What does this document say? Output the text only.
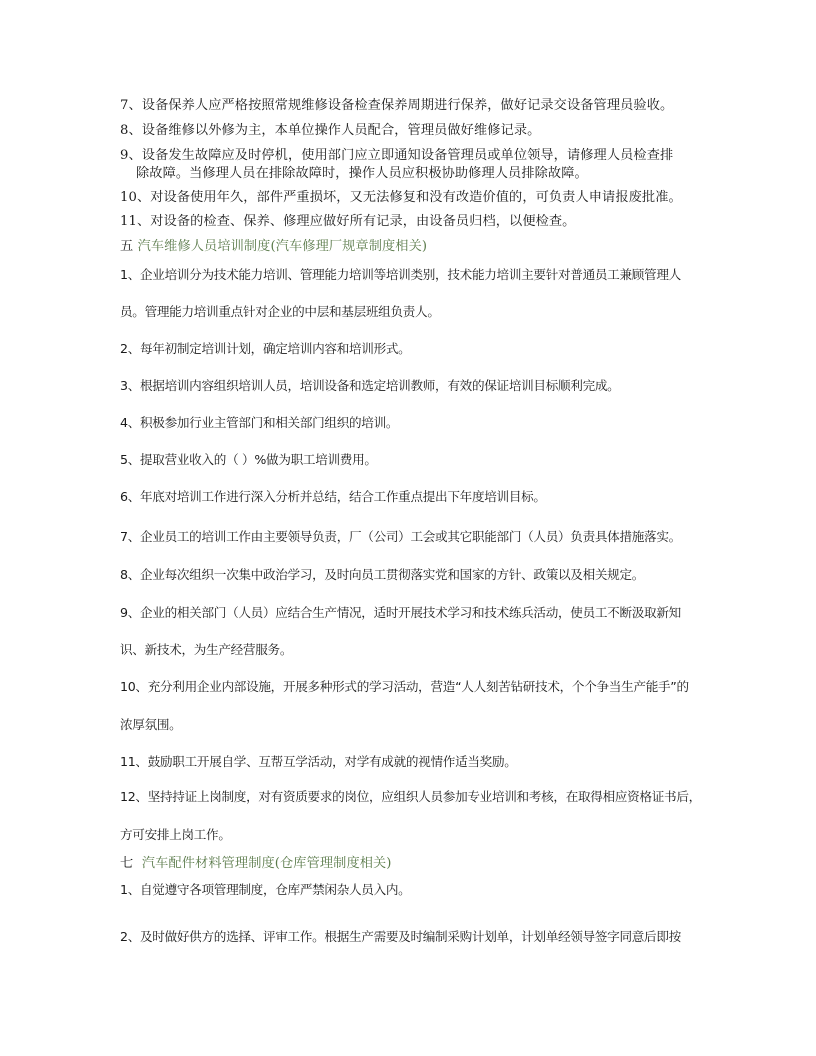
7、设备保养人应严格按照常规维修设备检查保养周期进行保养，做好记录交设备管理员验收。
8、设备维修以外修为主，本单位操作人员配合，管理员做好维修记录。
9、设备发生故障应及时停机，使用部门应立即通知设备管理员或单位领导，请修理人员检查排
除故障。当修理人员在排除故障时，操作人员应积极协助修理人员排除故障。
10、对设备使用年久，部件严重损坏，又无法修复和没有改造价值的，可负责人申请报废批准。
11、对设备的检查、保养、修理应做好所有记录，由设备员归档，以便检查。
五 汽车维修人员培训制度(汽车修理厂规章制度相关)
1、企业培训分为技术能力培训、管理能力培训等培训类别，技术能力培训主要针对普通员工兼顾管理人
员。管理能力培训重点针对企业的中层和基层班组负责人。
2、每年初制定培训计划，确定培训内容和培训形式。
3、根据培训内容组织培训人员，培训设备和选定培训教师，有效的保证培训目标顺利完成。
4、积极参加行业主管部门和相关部门组织的培训。
5、提取营业收入的（ ）%做为职工培训费用。
6、年底对培训工作进行深入分析并总结，结合工作重点提出下年度培训目标。
7、企业员工的培训工作由主要领导负责，厂（公司）工会或其它职能部门（人员）负责具体措施落实。
8、企业每次组织一次集中政治学习，及时向员工贯彻落实党和国家的方针、政策以及相关规定。
9、企业的相关部门（人员）应结合生产情况，适时开展技术学习和技术练兵活动，使员工不断汲取新知
识、新技术，为生产经营服务。
10、充分利用企业内部设施，开展多种形式的学习活动，营造“人人刻苦钻研技术，个个争当生产能手”的
浓厚氛围。
11、鼓励职工开展自学、互帮互学活动，对学有成就的视情作适当奖励。
12、坚持持证上岗制度，对有资质要求的岗位，应组织人员参加专业培训和考核，在取得相应资格证书后，
方可安排上岗工作。
七 汽车配件材料管理制度(仓库管理制度相关)
1、自觉遵守各项管理制度，仓库严禁闲杂人员入内。
2、及时做好供方的选择、评审工作。根据生产需要及时编制采购计划单，计划单经领导签字同意后即按
